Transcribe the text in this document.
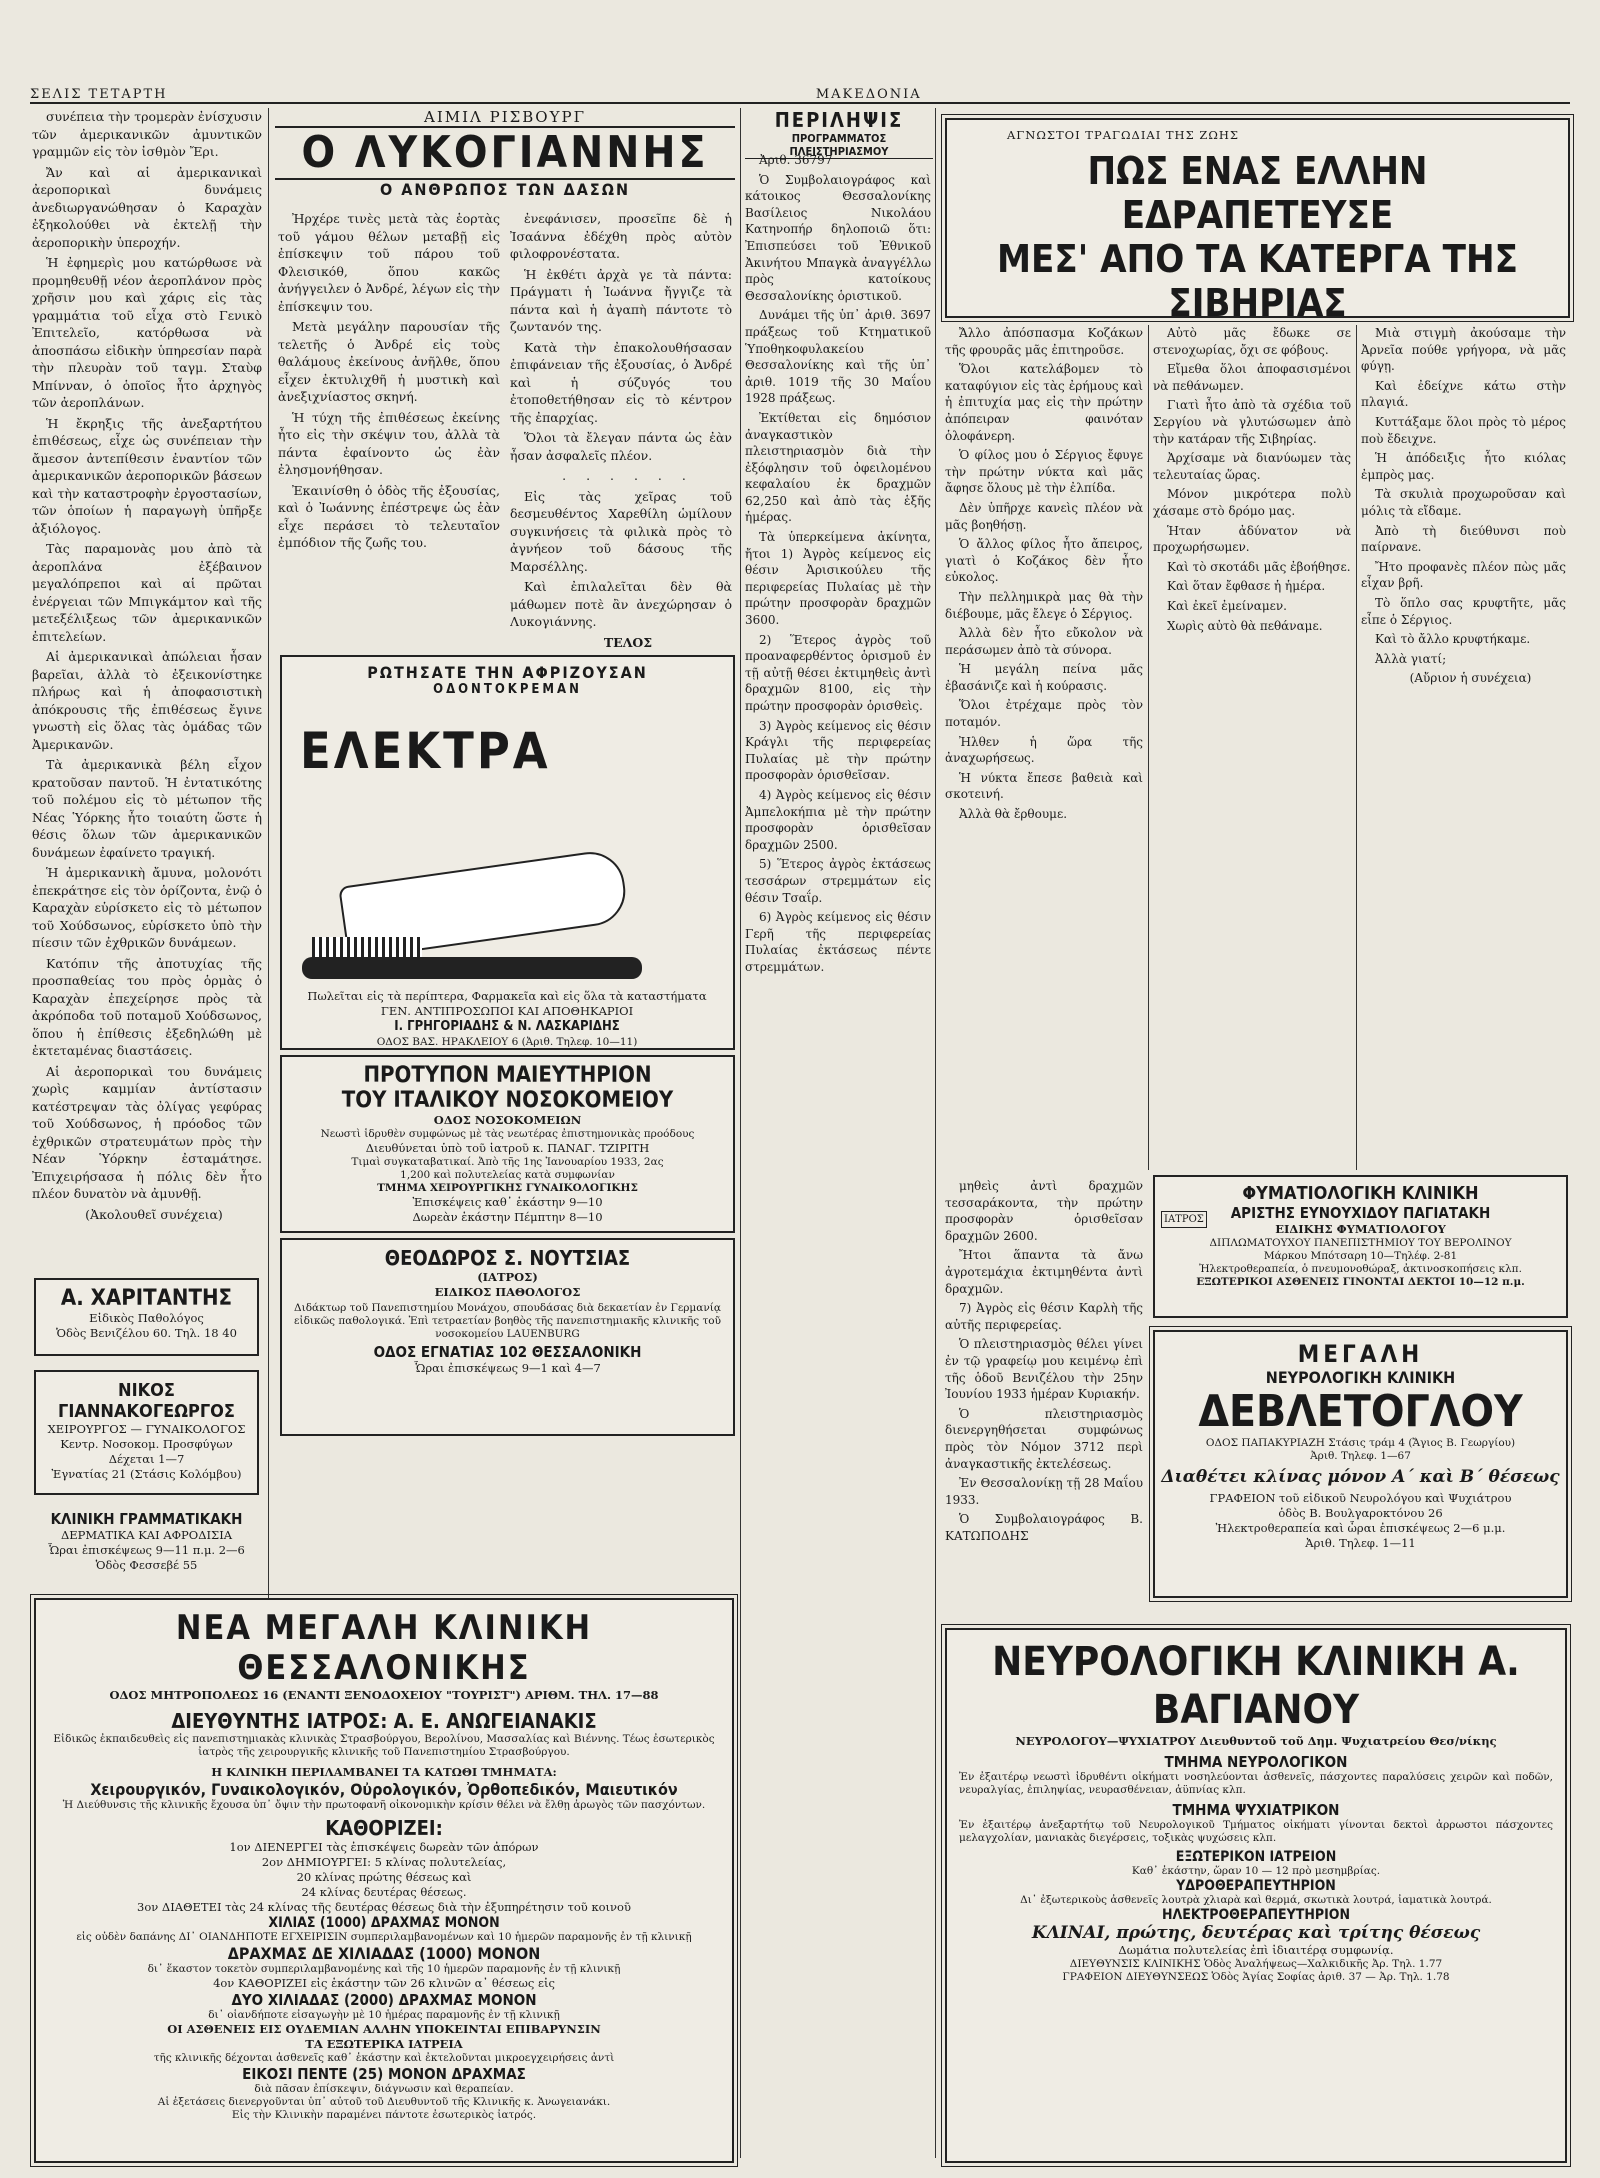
ΣΕΛΙΣ ΤΕΤΑΡΤΗ	ΜΑΚΕΔΟΝΙΑ

συνέπεια τὴν τρομερὰν ἐνίσχυσιν τῶν ἀμερικανικῶν ἀμυντικῶν γραμμῶν εἰς τὸν ἰσθμὸν Ἔρι.

Ἄν καὶ αἱ ἀμερικανικαὶ ἀεροπορικαὶ δυνάμεις ἀνεδιωργανώθησαν ὁ Καραχὰν ἐξηκολούθει νὰ ἐκτελῇ τὴν ἀεροπορικὴν ὑπεροχήν.

Ἡ ἐφημερὶς μου κατώρθωσε νὰ προμηθευθῇ νέον ἀεροπλάνον πρὸς χρῆσιν μου καὶ χάρις εἰς τὰς γραμμάτια τοῦ εἶχα στὸ Γενικὸ Ἐπιτελεῖο, κατόρθωσα νὰ ἀποσπάσω εἰδικὴν ὑπηρεσίαν παρὰ τὴν πλευρὰν τοῦ ταγμ. Σταὺφ Μπίνναν, ὁ ὁποῖος ἦτο ἀρχηγὸς τῶν ἀεροπλάνων.

Ἡ ἔκρηξις τῆς ἀνεξαρτήτου ἐπιθέσεως, εἶχε ὡς συνέπειαν τὴν ἄμεσον ἀντεπίθεσιν ἐναντίον τῶν ἀμερικανικῶν ἀεροπορικῶν βάσεων καὶ τὴν καταστροφὴν ἐργοστασίων, τῶν ὁποίων ἡ παραγωγὴ ὑπῆρξε ἀξιόλογος.

Τὰς παραμονὰς μου ἀπὸ τὰ ἀεροπλάνα ἐξέβαινον μεγαλόπρεποι καὶ αἱ πρῶται ἐνέργειαι τῶν Μπιγκάμτον καὶ τῆς μετεξέλιξεως τῶν ἀμερικανικῶν ἐπιτελείων.

Αἱ ἀμερικανικαὶ ἀπώλειαι ἦσαν βαρεῖαι, ἀλλὰ τὸ ἐξεικονίστηκε πλήρως καὶ ἡ ἀποφασιστικὴ ἀπόκρουσις τῆς ἐπιθέσεως ἔγινε γνωστὴ εἰς ὅλας τὰς ὁμάδας τῶν Ἀμερικανῶν.

Τὰ ἀμερικανικὰ βέλη εἶχον κρατοῦσαν παντοῦ. Ἡ ἐντατικότης τοῦ πολέμου εἰς τὸ μέτωπον τῆς Νέας Ὑόρκης ἦτο τοιαύτη ὥστε ἡ θέσις ὅλων τῶν ἀμερικανικῶν δυνάμεων ἐφαίνετο τραγική.

Ἡ ἀμερικανικὴ ἄμυνα, μολονότι ἐπεκράτησε εἰς τὸν ὁρίζοντα, ἐνῷ ὁ Καραχὰν εὑρίσκετο εἰς τὸ μέτωπον τοῦ Χούδσωνος, εὑρίσκετο ὑπὸ τὴν πίεσιν τῶν ἐχθρικῶν δυνάμεων.

Κατόπιν τῆς ἀποτυχίας τῆς προσπαθείας του πρὸς ὁρμὰς ὁ Καραχὰν ἐπεχείρησε πρὸς τὰ ἀκρόποδα τοῦ ποταμοῦ Χούδσωνος, ὅπου ἡ ἐπίθεσις ἐξεδηλώθη μὲ ἐκτεταμένας διαστάσεις.

Αἱ ἀεροπορικαὶ του δυνάμεις χωρὶς καμμίαν ἀντίστασιν κατέστρεψαν τὰς ὀλίγας γεφύρας τοῦ Χούδσωνος, ἡ πρόοδος τῶν ἐχθρικῶν στρατευμάτων πρὸς τὴν Νέαν Ὑόρκην ἐσταμάτησε. Ἐπιχειρήσασα ἡ πόλις δὲν ἦτο πλέον δυνατὸν νὰ ἀμυνθῇ.

(Ἀκολουθεῖ συνέχεια)

Α. ΧΑΡΙΤΑΝΤΗΣ
Εἰδικὸς Παθολόγος
Ὁδὸς Βενιζέλου 60. Τηλ. 18 40
ΝΙΚΟΣ ΓΙΑΝΝΑΚΟΓΕΩΡΓΟΣ
ΧΕΙΡΟΥΡΓΟΣ — ΓΥΝΑΙΚΟΛΟΓΟΣ
Κεντρ. Νοσοκομ. Προσφύγων
Δέχεται 1—7
Ἐγνατίας 21 (Στάσις Κολόμβου)
ΚΛΙΝΙΚΗ ΓΡΑΜΜΑΤΙΚΑΚΗ
ΔΕΡΜΑΤΙΚΑ ΚΑΙ ΑΦΡΟΔΙΣΙΑ
Ὧραι ἐπισκέψεως 9—11 π.μ. 2—6
Ὁδὸς Φεσσεβέ 55
ΑΙΜΙΛ ΡΙΣΒΟΥΡΓ
Ο ΛΥΚΟΓΙΑΝΝΗΣ
Ο ΑΝΘΡΩΠΟΣ ΤΩΝ ΔΑΣΩΝ

Ἠρχέρε τινὲς μετὰ τὰς ἑορτὰς τοῦ γάμου θέλων μεταβῇ εἰς ἐπίσκεψιν τοῦ πάρου τοῦ Φλεισικόθ, ὅπου κακῶς ἀνήγγειλεν ὁ Ἀνδρέ, λέγων εἰς τὴν ἐπίσκεψιν του.

Μετὰ μεγάλην παρουσίαν τῆς τελετῆς ὁ Ἀνδρέ εἰς τοὺς θαλάμους ἐκείνους ἀνῆλθε, ὅπου εἶχεν ἐκτυλιχθῆ ἡ μυστικὴ καὶ ἀνεξιχνίαστος σκηνή.

Ἡ τύχη τῆς ἐπιθέσεως ἐκείνης ἦτο εἰς τὴν σκέψιν του, ἀλλὰ τὰ πάντα ἐφαίνοντο ὡς ἐὰν ἐλησμονήθησαν.

Ἐκαινίσθη ὁ ὁδὸς τῆς ἐξουσίας, καὶ ὁ Ἰωάννης ἐπέστρεψε ὡς ἐὰν εἶχε περάσει τὸ τελευταῖον ἐμπόδιον τῆς ζωῆς του.

ἐνεφάνισεν, προσεῖπε δὲ ἡ Ἰσαάννα ἐδέχθη πρὸς αὐτὸν φιλοφρονέστατα.

Ἡ ἐκθέτι ἀρχὰ γε τὰ πάντα: Πράγματι ἡ Ἰωάννα ἤγγιζε τὰ πάντα καὶ ἡ ἀγαπὴ πάντοτε τὸ ζωντανόν της.

Κατὰ τὴν ἐπακολουθήσασαν ἐπιφάνειαν τῆς ἐξουσίας, ὁ Ἀνδρέ καὶ ἡ σύζυγός του ἐτοποθετήθησαν εἰς τὸ κέντρον τῆς ἐπαρχίας.

Ὅλοι τὰ ἔλεγαν πάντα ὡς ἐὰν ἦσαν ἀσφαλεῖς πλέον.

. . . . . .

Εἰς τὰς χεῖρας τοῦ δεσμευθέντος Χαρεθίλη ὡμίλουν συγκινήσεις τὰ φιλικὰ πρὸς τὸ ἀγνήεον τοῦ δάσους τῆς Μαρσέλλης.

Καὶ ἐπιλαλεῖται δὲν θὰ μάθωμεν ποτὲ ἂν ἀνεχώρησαν ὁ Λυκογιάννης.

ΤΕΛΟΣ

ΡΩΤΗΣΑΤΕ ΤΗΝ ΑΦΡΙΖΟΥΣΑΝ
ΟΔΟΝΤΟΚΡΕΜΑΝ
ΕΛΕΚΤΡΑ
Πωλεῖται εἰς τὰ περίπτερα, Φαρμακεῖα καὶ εἰς ὅλα τὰ καταστήματα
ΓΕΝ. ΑΝΤΙΠΡΟΣΩΠΟΙ ΚΑΙ ΑΠΟΘΗΚΑΡΙΟΙ
Ι. ΓΡΗΓΟΡΙΑΔΗΣ & Ν. ΛΑΣΚΑΡΙΔΗΣ
ΟΔΟΣ ΒΑΣ. ΗΡΑΚΛΕΙΟΥ 6 (Ἀριθ. Τηλεφ. 10—11)
ΠΡΟΤΥΠΟΝ ΜΑΙΕΥΤΗΡΙΟΝ
ΤΟΥ ΙΤΑΛΙΚΟΥ ΝΟΣΟΚΟΜΕΙΟΥ
ΟΔΟΣ ΝΟΣΟΚΟΜΕΙΩΝ
Νεωστὶ ἱδρυθὲν συμφώνως μὲ τὰς νεωτέρας ἐπιστημονικὰς προόδους
Διευθύνεται ὑπὸ τοῦ ἰατροῦ κ. ΠΑΝΑΓ. ΤΖΙΡΙΤΗ
Τιμαὶ συγκαταβατικαί. Ἀπὸ τῆς 1ης Ἰανουαρίου 1933, 2ας
1,200 καὶ πολυτελείας κατὰ συμφωνίαν
ΤΜΗΜΑ ΧΕΙΡΟΥΡΓΙΚΗΣ ΓΥΝΑΙΚΟΛΟΓΙΚΗΣ
Ἐπισκέψεις καθ᾽ ἑκάστην 9—10
Δωρεὰν ἑκάστην Πέμπτην 8—10
ΘΕΟΔΩΡΟΣ Σ. ΝΟΥΤΣΙΑΣ
(ΙΑΤΡΟΣ)
ΕΙΔΙΚΟΣ ΠΑΘΟΛΟΓΟΣ
Διδάκτωρ τοῦ Πανεπιστημίου Μονάχου, σπουδάσας διὰ δεκαετίαν ἐν Γερμανίᾳ εἰδικῶς παθολογικά. Ἐπὶ τετραετίαν βοηθὸς τῆς πανεπιστημιακῆς κλινικῆς τοῦ νοσοκομείου LAUENBURG
ΟΔΟΣ ΕΓΝΑΤΙΑΣ 102 ΘΕΣΣΑΛΟΝΙΚΗ
Ὧραι ἐπισκέψεως 9—1 καὶ 4—7
ΝΕΑ ΜΕΓΑΛΗ ΚΛΙΝΙΚΗ ΘΕΣΣΑΛΟΝΙΚΗΣ
ΟΔΟΣ ΜΗΤΡΟΠΟΛΕΩΣ 16 (ΕΝΑΝΤΙ ΞΕΝΟΔΟΧΕΙΟΥ "ΤΟΥΡΙΣΤ") ΑΡΙΘΜ. ΤΗΛ. 17—88
ΔΙΕΥΘΥΝΤΗΣ ΙΑΤΡΟΣ: Α. Ε. ΑΝΩΓΕΙΑΝΑΚΙΣ
Εἰδικῶς ἐκπαιδευθεὶς εἰς πανεπιστημιακὰς κλινικὰς Στρασβούργου, Βερολίνου, Μασσαλίας καὶ Βιέννης. Τέως ἐσωτερικὸς ἰατρὸς τῆς χειρουργικῆς κλινικῆς τοῦ Πανεπιστημίου Στρασβούργου.
Η ΚΛΙΝΙΚΗ ΠΕΡΙΛΑΜΒΑΝΕΙ ΤΑ ΚΑΤΩΘΙ ΤΜΗΜΑΤΑ:
Χειρουργικόν, Γυναικολογικόν, Οὐρολογικόν, Ὀρθοπεδικόν, Μαιευτικόν
Ἡ Διεύθυνσις τῆς κλινικῆς ἔχουσα ὑπ᾽ ὄψιν τὴν πρωτοφανῆ οἰκονομικὴν κρίσιν θέλει νὰ ἔλθῃ ἀρωγὸς τῶν πασχόντων.
ΚΑΘΟΡΙΖΕΙ:
1ον ΔΙΕΝΕΡΓΕΙ τὰς ἐπισκέψεις δωρεὰν τῶν ἀπόρων
2ον ΔΗΜΙΟΥΡΓΕΙ: 5 κλίνας πολυτελείας,
20 κλίνας πρώτης θέσεως καὶ
24 κλίνας δευτέρας θέσεως.
3ον ΔΙΑΘΕΤΕΙ τὰς 24 κλίνας τῆς δευτέρας θέσεως διὰ τὴν ἐξυπηρέτησιν τοῦ κοινοῦ
ΧΙΛΙΑΣ (1000) ΔΡΑΧΜΑΣ ΜΟΝΟΝ
εἰς οὐδὲν δαπάνης ΔΙ᾽ ΟΙΑΝΔΗΠΟΤΕ ΕΓΧΕΙΡΙΣΙΝ συμπεριλαμβανομένων καὶ 10 ἡμερῶν παραμονῆς ἐν τῇ κλινικῇ
ΔΡΑΧΜΑΣ ΔΕ ΧΙΛΙΑΔΑΣ (1000) ΜΟΝΟΝ
δι᾽ ἕκαστον τοκετὸν συμπεριλαμβανομένης καὶ τῆς 10 ἡμερῶν παραμονῆς ἐν τῇ κλινικῇ
4ον ΚΑΘΟΡΙΖΕΙ εἰς ἑκάστην τῶν 26 κλινῶν α᾽ θέσεως εἰς
ΔΥΟ ΧΙΛΙΑΔΑΣ (2000) ΔΡΑΧΜΑΣ ΜΟΝΟΝ
δι᾽ οἱανδήποτε εἰσαγωγὴν μὲ 10 ἡμέρας παραμονῆς ἐν τῇ κλινικῇ
ΟΙ ΑΣΘΕΝΕΙΣ ΕΙΣ ΟΥΔΕΜΙΑΝ ΑΛΛΗΝ ΥΠΟΚΕΙΝΤΑΙ ΕΠΙΒΑΡΥΝΣΙΝ
ΤΑ ΕΞΩΤΕΡΙΚΑ ΙΑΤΡΕΙΑ
τῆς κλινικῆς δέχονται ἀσθενεῖς καθ᾽ ἑκάστην καὶ ἐκτελοῦνται μικροεγχειρήσεις ἀντὶ
ΕΙΚΟΣΙ ΠΕΝΤΕ (25) ΜΟΝΟΝ ΔΡΑΧΜΑΣ
διὰ πᾶσαν ἐπίσκεψιν, διάγνωσιν καὶ θεραπείαν.
Αἱ ἐξετάσεις διενεργοῦνται ὑπ᾽ αὐτοῦ τοῦ Διευθυντοῦ τῆς Κλινικῆς κ. Ἀνωγειανάκι.
Εἰς τὴν Κλινικὴν παραμένει πάντοτε ἐσωτερικὸς ἰατρός.
ΠΕΡΙΛΗΨΙΣ
ΠΡΟΓΡΑΜΜΑΤΟΣ ΠΛΕΙΣΤΗΡΙΑΣΜΟΥ

Ἀριθ. 36797

Ὁ Συμβολαιογράφος καὶ κάτοικος Θεσσαλονίκης Βασίλειος Νικολάου Κατηνοπήρ δηλοποιῶ ὅτι: Ἐπισπεύσει τοῦ Ἐθνικοῦ Ἀκινήτου Μπαγκὰ ἀναγγέλλω πρὸς κατοίκους Θεσσαλονίκης ὁριστικοῦ.

Δυνάμει τῆς ὑπ᾽ ἀριθ. 3697 πράξεως τοῦ Κτηματικοῦ Ὑποθηκοφυλακείου Θεσσαλονίκης καὶ τῆς ὑπ᾽ ἀριθ. 1019 τῆς 30 Μαΐου 1928 πράξεως.

Ἐκτίθεται εἰς δημόσιον ἀναγκαστικὸν πλειστηριασμὸν διὰ τὴν ἐξόφλησιν τοῦ ὀφειλομένου κεφαλαίου ἐκ δραχμῶν 62,250 καὶ ἀπὸ τὰς ἑξῆς ἡμέρας.

Τὰ ὑπερκείμενα ἀκίνητα, ἤτοι 1) Ἀγρὸς κείμενος εἰς θέσιν Ἀρισικούλευ τῆς περιφερείας Πυλαίας μὲ τὴν πρώτην προσφορὰν δραχμῶν 3600.

2) Ἕτερος ἀγρὸς τοῦ προαναφερθέντος ὁρισμοῦ ἐν τῇ αὐτῇ θέσει ἐκτιμηθεὶς ἀντὶ δραχμῶν 8100, εἰς τὴν πρώτην προσφορὰν ὁρισθεὶς.

3) Ἀγρὸς κείμενος εἰς θέσιν Κράγλι τῆς περιφερείας Πυλαίας μὲ τὴν πρώτην προσφορὰν ὁρισθεῖσαν.

4) Ἀγρὸς κείμενος εἰς θέσιν Ἀμπελοκήπια μὲ τὴν πρώτην προσφορὰν ὁρισθεῖσαν δραχμῶν 2500.

5) Ἕτερος ἀγρὸς ἐκτάσεως τεσσάρων στρεμμάτων εἰς θέσιν Τσαΐρ.

6) Ἀγρὸς κείμενος εἰς θέσιν Γερῆ τῆς περιφερείας Πυλαίας ἐκτάσεως πέντε στρεμμάτων.

ΑΓΝΩΣΤΟΙ ΤΡΑΓΩΔΙΑΙ ΤΗΣ ΖΩΗΣ
ΠΩΣ ΕΝΑΣ ΕΛΛΗΝ ΕΔΡΑΠΕΤΕΥΣΕ
ΜΕΣ' ΑΠΟ ΤΑ ΚΑΤΕΡΓΑ ΤΗΣ ΣΙΒΗΡΙΑΣ

Ἄλλο ἀπόσπασμα Κοζάκων τῆς φρουρᾶς μᾶς ἐπιτηροῦσε.

Ὅλοι κατελάβομεν τὸ καταφύγιον εἰς τὰς ἐρήμους καὶ ἡ ἐπιτυχία μας εἰς τὴν πρώτην ἀπόπειραν φαινόταν ὁλοφάνερη.

Ὁ φίλος μου ὁ Σέργιος ἔφυγε τὴν πρώτην νύκτα καὶ μᾶς ἄφησε ὅλους μὲ τὴν ἐλπίδα.

Δὲν ὑπῆρχε κανεὶς πλέον νὰ μᾶς βοηθήσῃ.

Ὁ ἄλλος φίλος ἦτο ἄπειρος, γιατὶ ὁ Κοζάκος δὲν ἦτο εὐκολος.

Τὴν πελλημικρὰ μας θὰ τὴν διέβουμε, μᾶς ἔλεγε ὁ Σέργιος.

Ἀλλὰ δὲν ἦτο εὔκολον νὰ περάσωμεν ἀπὸ τὰ σύνορα.

Ἡ μεγάλη πείνα μᾶς ἐβασάνιζε καὶ ἡ κούρασις.

Ὅλοι ἐτρέχαμε πρὸς τὸν ποταμόν.

Ἠλθεν ἡ ὥρα τῆς ἀναχωρήσεως.

Ἡ νύκτα ἔπεσε βαθειὰ καὶ σκοτεινή.

Ἀλλὰ θὰ ἔρθουμε.

Αὐτὸ μᾶς ἔδωκε σε στενοχωρίας, ὄχι σε φόβους.

Εἴμεθα ὅλοι ἀποφασισμένοι νὰ πεθάνωμεν.

Γιατὶ ἦτο ἀπὸ τὰ σχέδια τοῦ Σεργίου νὰ γλυτώσωμεν ἀπὸ τὴν κατάραν τῆς Σιβηρίας.

Ἀρχίσαμε νὰ διανύωμεν τὰς τελευταίας ὥρας.

Μόνον μικρότερα πολὺ χάσαμε στὸ δρόμο μας.

Ἡταν ἀδύνατον νὰ προχωρήσωμεν.

Καὶ τὸ σκοτάδι μᾶς ἐβοήθησε.

Καὶ ὅταν ἔφθασε ἡ ἡμέρα.

Καὶ ἐκεῖ ἐμείναμεν.

Χωρὶς αὐτὸ θὰ πεθάναμε.

Μιὰ στιγμὴ ἀκούσαμε τὴν Ἀρνεῖα πούθε γρήγορα, νὰ μᾶς φύγῃ.

Καὶ ἐδείχνε κάτω στὴν πλαγιά.

Κυττάξαμε ὅλοι πρὸς τὸ μέρος ποὺ ἔδειχνε.

Ἡ ἀπόδειξις ἦτο κιόλας ἐμπρὸς μας.

Τὰ σκυλιὰ προχωροῦσαν καὶ μόλις τὰ εἴδαμε.

Ἀπὸ τὴ διεύθυνσι ποὺ παίρνανε.

Ἤτο προφανὲς πλέον πὼς μᾶς εἶχαν βρῆ.

Τὸ ὅπλο σας κρυφτῆτε, μᾶς εἶπε ὁ Σέργιος.

Καὶ τὸ ἄλλο κρυφτήκαμε.

Ἀλλὰ γιατί;

(Αὔριον ἡ συνέχεια)

ΦΥΜΑΤΙΟΛΟΓΙΚΗ ΚΛΙΝΙΚΗ
ΙΑΤΡΟΣ	ΑΡΙΣΤΗΣ ΕΥΝΟΥΧΙΔΟΥ ΠΑΓΙΑΤΑΚΗ
ΕΙΔΙΚΗΣ ΦΥΜΑΤΙΟΛΟΓΟΥ
ΔΙΠΛΩΜΑΤΟΥΧΟΥ ΠΑΝΕΠΙΣΤΗΜΙΟΥ ΤΟΥ ΒΕΡΟΛΙΝΟΥ
Μάρκου Μπότσαρη 10—Τηλέφ. 2-81
Ἠλεκτροθεραπεία, ὁ πνευμονοθώραξ, ἀκτινοσκοπήσεις κλπ.
ΕΞΩΤΕΡΙΚΟΙ ΑΣΘΕΝΕΙΣ ΓΙΝΟΝΤΑΙ ΔΕΚΤΟΙ 10—12 π.μ.

μηθεὶς ἀντὶ δραχμῶν τεσσαράκοντα, τὴν πρώτην προσφορὰν ὁρισθεῖσαν δραχμῶν 2600.

Ἤτοι ἅπαντα τὰ ἄνω ἀγροτεμάχια ἐκτιμηθέντα ἀντὶ δραχμῶν.

7) Ἀγρὸς εἰς θέσιν Καρλὴ τῆς αὐτῆς περιφερείας.

Ὁ πλειστηριασμὸς θέλει γίνει ἐν τῷ γραφείῳ μου κειμένῳ ἐπὶ τῆς ὁδοῦ Βενιζέλου τὴν 25ην Ἰουνίου 1933 ἡμέραν Κυριακήν.

Ὁ πλειστηριασμὸς διενεργηθήσεται συμφώνως πρὸς τὸν Νόμον 3712 περὶ ἀναγκαστικῆς ἐκτελέσεως.

Ἐν Θεσσαλονίκῃ τῇ 28 Μαΐου 1933.

Ὁ Συμβολαιογράφος Β. ΚΑΤΩΠΟΔΗΣ

ΜΕΓΑΛΗ
ΝΕΥΡΟΛΟΓΙΚΗ ΚΛΙΝΙΚΗ
ΔΕΒΛΕΤΟΓΛΟΥ
ΟΔΟΣ ΠΑΠΑΚΥΡΙΑΖΗ Στάσις τράμ 4 (Ἄγιος Β. Γεωργίου)
Ἀριθ. Τηλεφ. 1—67
Διαθέτει κλίνας μόνον Α΄ καὶ Β΄ θέσεως
ΓΡΑΦΕΙΟΝ τοῦ εἰδικοῦ Νευρολόγου καὶ Ψυχιάτρου
ὁδὸς Β. Βουλγαροκτόνου 26
Ἠλεκτροθεραπεία καὶ ὧραι ἐπισκέψεως 2—6 μ.μ.
Ἀριθ. Τηλεφ. 1—11
ΝΕΥΡΟΛΟΓΙΚΗ ΚΛΙΝΙΚΗ Α. ΒΑΓΙΑΝΟΥ
ΝΕΥΡΟΛΟΓΟΥ—ΨΥΧΙΑΤΡΟΥ Διευθυντοῦ τοῦ Δημ. Ψυχιατρείου Θεσ/νίκης
ΤΜΗΜΑ ΝΕΥΡΟΛΟΓΙΚΟΝ
Ἐν ἐξαιτέρῳ νεωστὶ ἱδρυθέντι οἰκήματι νοσηλεύονται ἀσθενεῖς, πάσχοντες παραλύσεις χειρῶν καὶ ποδῶν, νευραλγίας, ἐπιληψίας, νευρασθένειαν, ἀϋπνίας κλπ.
ΤΜΗΜΑ ΨΥΧΙΑΤΡΙΚΟΝ
Ἐν ἐξαιτέρῳ ἀνεξαρτήτῳ τοῦ Νευρολογικοῦ Τμήματος οἰκήματι γίνονται δεκτοὶ ἀρρωστοι πάσχοντες μελαγχολίαν, μανιακὰς διεγέρσεις, τοξικὰς ψυχώσεις κλπ.
ΕΞΩΤΕΡΙΚΟΝ ΙΑΤΡΕΙΟΝ
Καθ᾽ ἑκάστην, ὥραν 10 — 12 πρὸ μεσημβρίας.
ΥΔΡΟΘΕΡΑΠΕΥΤΗΡΙΟΝ
Δι᾽ ἐξωτερικοὺς ἀσθενεῖς λουτρὰ χλιαρὰ καὶ θερμά, σκωτικὰ λουτρά, ἰαματικὰ λουτρά.
ΗΛΕΚΤΡΟΘΕΡΑΠΕΥΤΗΡΙΟΝ
ΚΛΙΝΑΙ, πρώτης, δευτέρας καὶ τρίτης θέσεως
Δωμάτια πολυτελείας ἐπὶ ἰδιαιτέρᾳ συμφωνίᾳ.
ΔΙΕΥΘΥΝΣΙΣ ΚΛΙΝΙΚΗΣ Ὁδὸς Ἀναλήψεως—Χαλκιδικῆς Ἀρ. Τηλ. 1.77
ΓΡΑΦΕΙΟΝ ΔΙΕΥΘΥΝΣΕΩΣ Ὁδὸς Ἁγίας Σοφίας ἀριθ. 37 — Ἀρ. Τηλ. 1.78
